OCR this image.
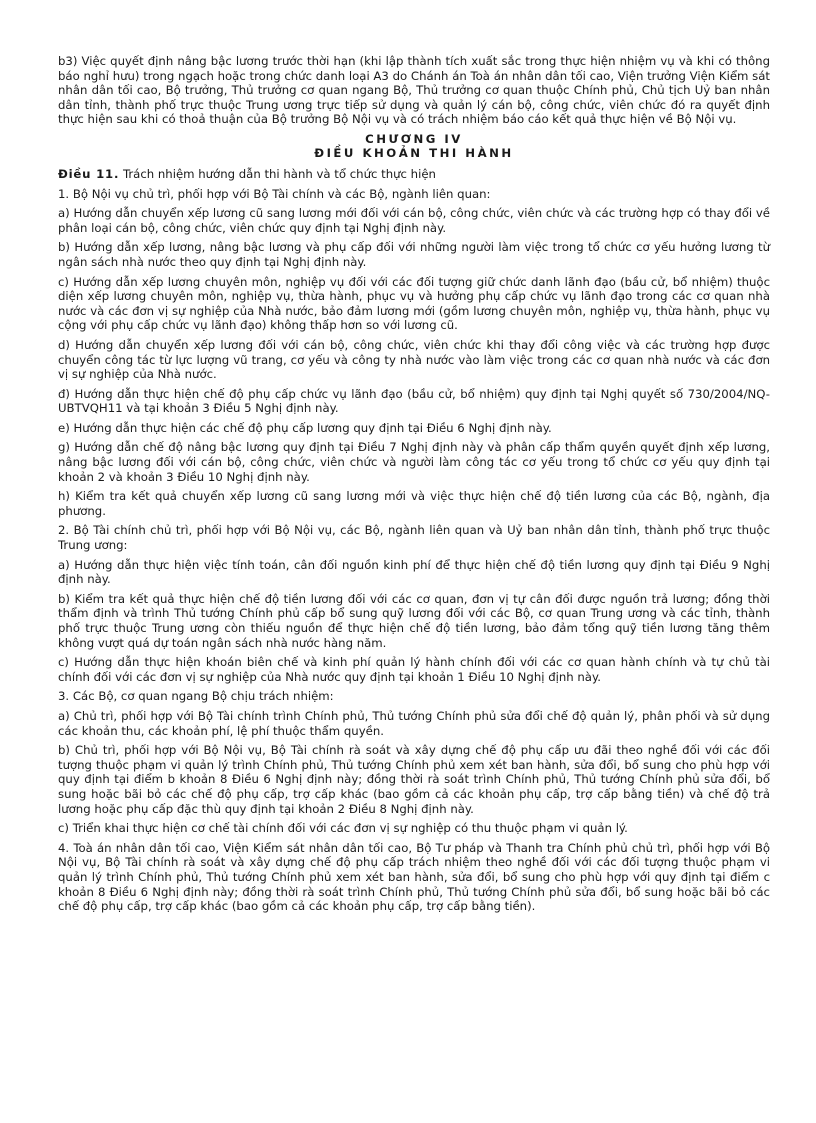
b3) Việc quyết định nâng bậc lương trước thời hạn (khi lập thành tích xuất sắc trong thực hiện nhiệm vụ và khi có thông báo nghỉ hưu) trong ngạch hoặc trong chức danh loại A3 do Chánh án Toà án nhân dân tối cao, Viện trưởng Viện Kiểm sát nhân dân tối cao, Bộ trưởng, Thủ trưởng cơ quan ngang Bộ, Thủ trưởng cơ quan thuộc Chính phủ, Chủ tịch Uỷ ban nhân dân tỉnh, thành phố trực thuộc Trung ương trực tiếp sử dụng và quản lý cán bộ, công chức, viên chức đó ra quyết định thực hiện sau khi có thoả thuận của Bộ trưởng Bộ Nội vụ và có trách nhiệm báo cáo kết quả thực hiện về Bộ Nội vụ.

CHƯƠNG IV
ĐIỀU KHOẢN THI HÀNH

Điều 11. Trách nhiệm hướng dẫn thi hành và tổ chức thực hiện

1. Bộ Nội vụ chủ trì, phối hợp với Bộ Tài chính và các Bộ, ngành liên quan:

a) Hướng dẫn chuyển xếp lương cũ sang lương mới đối với cán bộ, công chức, viên chức và các trường hợp có thay đổi về phân loại cán bộ, công chức, viên chức quy định tại Nghị định này.

b) Hướng dẫn xếp lương, nâng bậc lương và phụ cấp đối với những người làm việc trong tổ chức cơ yếu hưởng lương từ ngân sách nhà nước theo quy định tại Nghị định này.

c) Hướng dẫn xếp lương chuyên môn, nghiệp vụ đối với các đối tượng giữ chức danh lãnh đạo (bầu cử, bổ nhiệm) thuộc diện xếp lương chuyên môn, nghiệp vụ, thừa hành, phục vụ và hưởng phụ cấp chức vụ lãnh đạo trong các cơ quan nhà nước và các đơn vị sự nghiệp của Nhà nước, bảo đảm lương mới (gồm lương chuyên môn, nghiệp vụ, thừa hành, phục vụ cộng với phụ cấp chức vụ lãnh đạo) không thấp hơn so với lương cũ.

d) Hướng dẫn chuyển xếp lương đối với cán bộ, công chức, viên chức khi thay đổi công việc và các trường hợp được chuyển công tác từ lực lượng vũ trang, cơ yếu và công ty nhà nước vào làm việc trong các cơ quan nhà nước và các đơn vị sự nghiệp của Nhà nước.

đ) Hướng dẫn thực hiện chế độ phụ cấp chức vụ lãnh đạo (bầu cử, bổ nhiệm) quy định tại Nghị quyết số 730/2004/NQ-UBTVQH11 và tại khoản 3 Điều 5 Nghị định này.

e) Hướng dẫn thực hiện các chế độ phụ cấp lương quy định tại Điều 6 Nghị định này.

g) Hướng dẫn chế độ nâng bậc lương quy định tại Điều 7 Nghị định này và phân cấp thẩm quyền quyết định xếp lương, nâng bậc lương đối với cán bộ, công chức, viên chức và người làm công tác cơ yếu trong tổ chức cơ yếu quy định tại khoản 2 và khoản 3 Điều 10 Nghị định này.

h) Kiểm tra kết quả chuyển xếp lương cũ sang lương mới và việc thực hiện chế độ tiền lương của các Bộ, ngành, địa phương.

2. Bộ Tài chính chủ trì, phối hợp với Bộ Nội vụ, các Bộ, ngành liên quan và Uỷ ban nhân dân tỉnh, thành phố trực thuộc Trung ương:

a) Hướng dẫn thực hiện việc tính toán, cân đối nguồn kinh phí để thực hiện chế độ tiền lương quy định tại Điều 9 Nghị định này.

b) Kiểm tra kết quả thực hiện chế độ tiền lương đối với các cơ quan, đơn vị tự cân đối được nguồn trả lương; đồng thời thẩm định và trình Thủ tướng Chính phủ cấp bổ sung quỹ lương đối với các Bộ, cơ quan Trung ương và các tỉnh, thành phố trực thuộc Trung ương còn thiếu nguồn để thực hiện chế độ tiền lương, bảo đảm tổng quỹ tiền lương tăng thêm không vượt quá dự toán ngân sách nhà nước hàng năm.

c) Hướng dẫn thực hiện khoán biên chế và kinh phí quản lý hành chính đối với các cơ quan hành chính và tự chủ tài chính đối với các đơn vị sự nghiệp của Nhà nước quy định tại khoản 1 Điều 10 Nghị định này.

3. Các Bộ, cơ quan ngang Bộ chịu trách nhiệm:

a) Chủ trì, phối hợp với Bộ Tài chính trình Chính phủ, Thủ tướng Chính phủ sửa đổi chế độ quản lý, phân phối và sử dụng các khoản thu, các khoản phí, lệ phí thuộc thẩm quyền.

b) Chủ trì, phối hợp với Bộ Nội vụ, Bộ Tài chính rà soát và xây dựng chế độ phụ cấp ưu đãi theo nghề đối với các đối tượng thuộc phạm vi quản lý trình Chính phủ, Thủ tướng Chính phủ xem xét ban hành, sửa đổi, bổ sung cho phù hợp với quy định tại điểm b khoản 8 Điều 6 Nghị định này; đồng thời rà soát trình Chính phủ, Thủ tướng Chính phủ sửa đổi, bổ sung hoặc bãi bỏ các chế độ phụ cấp, trợ cấp khác (bao gồm cả các khoản phụ cấp, trợ cấp bằng tiền) và chế độ trả lương hoặc phụ cấp đặc thù quy định tại khoản 2 Điều 8 Nghị định này.

c) Triển khai thực hiện cơ chế tài chính đối với các đơn vị sự nghiệp có thu thuộc phạm vi quản lý.

4. Toà án nhân dân tối cao, Viện Kiểm sát nhân dân tối cao, Bộ Tư pháp và Thanh tra Chính phủ chủ trì, phối hợp với Bộ Nội vụ, Bộ Tài chính rà soát và xây dựng chế độ phụ cấp trách nhiệm theo nghề đối với các đối tượng thuộc phạm vi quản lý trình Chính phủ, Thủ tướng Chính phủ xem xét ban hành, sửa đổi, bổ sung cho phù hợp với quy định tại điểm c khoản 8 Điều 6 Nghị định này; đồng thời rà soát trình Chính phủ, Thủ tướng Chính phủ sửa đổi, bổ sung hoặc bãi bỏ các chế độ phụ cấp, trợ cấp khác (bao gồm cả các khoản phụ cấp, trợ cấp bằng tiền).
